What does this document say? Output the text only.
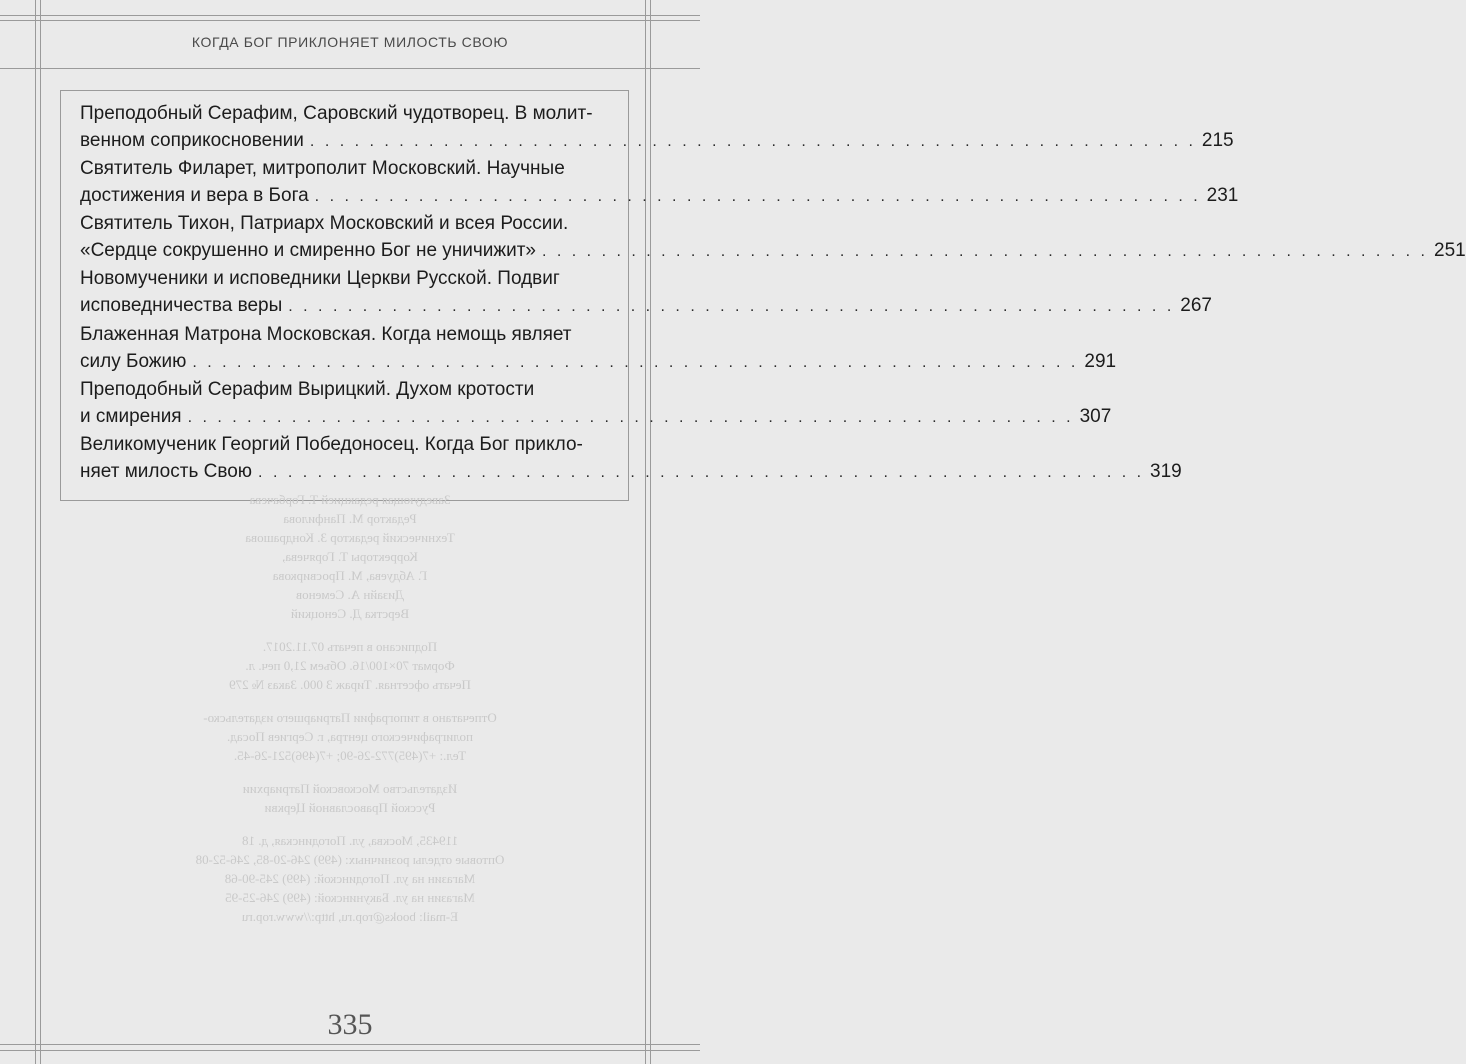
КОГДА БОГ ПРИКЛОНЯЕТ МИЛОСТЬ СВОЮ

Заведующая редакцией Т. Горбачева

Редактор М. Панфилова

Технический редактор З. Кондрашова

Корректоры Т. Горячева,

Г. Абдуева, М. Просвиркова

Дизайн А. Семенов

Верстка Д. Сеноцкий

Подписано в печать 07.11.2017.

Формат 70×100/16. Объем 21,0 печ. л.

Печать офсетная. Тираж 3 000. Заказ № 279

Отпечатано в типографии Патриаршего издательско-

полиграфического центра, г. Сергиев Посад.

Тел.: +7(495)772-26-90; +7(496)521-26-45.

Издательство Московской Патриархии

Русской Православной Церкви

119435, Москва, ул. Погодинская, д. 18

Оптовые отделы розничных: (499) 246-20-85, 246-52-08

Магазин на ул. Погодинской: (499) 245-90-68

Магазин на ул. Бакунинской: (499) 246-25-95

E-mail: books@rop.ru, http://www.rop.ru

Преподобный Серафим, Саровский чудотворец. В молит-
венном соприкосновении . . . . . . . . . . . . . . . . . . . . . . . . . . . . . . . . . . . . . . . . . . . . . . . . . . . . . . . . . . . . 215
Святитель Филарет, митрополит Московский. Научные
достижения и вера в Бога . . . . . . . . . . . . . . . . . . . . . . . . . . . . . . . . . . . . . . . . . . . . . . . . . . . . . . . . . . . . 231
Святитель Тихон, Патриарх Московский и всея России.
«Сердце сокрушенно и смиренно Бог не уничижит» . . . . . . . . . . . . . . . . . . . . . . . . . . . . . . . . . . . . . . . . . . . . . . . . . . . . . . . . . . . . 251
Новомученики и исповедники Церкви Русской. Подвиг
исповедничества веры . . . . . . . . . . . . . . . . . . . . . . . . . . . . . . . . . . . . . . . . . . . . . . . . . . . . . . . . . . . . 267
Блаженная Матрона Московская. Когда немощь являет
силу Божию . . . . . . . . . . . . . . . . . . . . . . . . . . . . . . . . . . . . . . . . . . . . . . . . . . . . . . . . . . . . 291
Преподобный Серафим Вырицкий. Духом кротости
и смирения . . . . . . . . . . . . . . . . . . . . . . . . . . . . . . . . . . . . . . . . . . . . . . . . . . . . . . . . . . . . 307
Великомученик Георгий Победоносец. Когда Бог прикло-
няет милость Свою . . . . . . . . . . . . . . . . . . . . . . . . . . . . . . . . . . . . . . . . . . . . . . . . . . . . . . . . . . . . 319
335
